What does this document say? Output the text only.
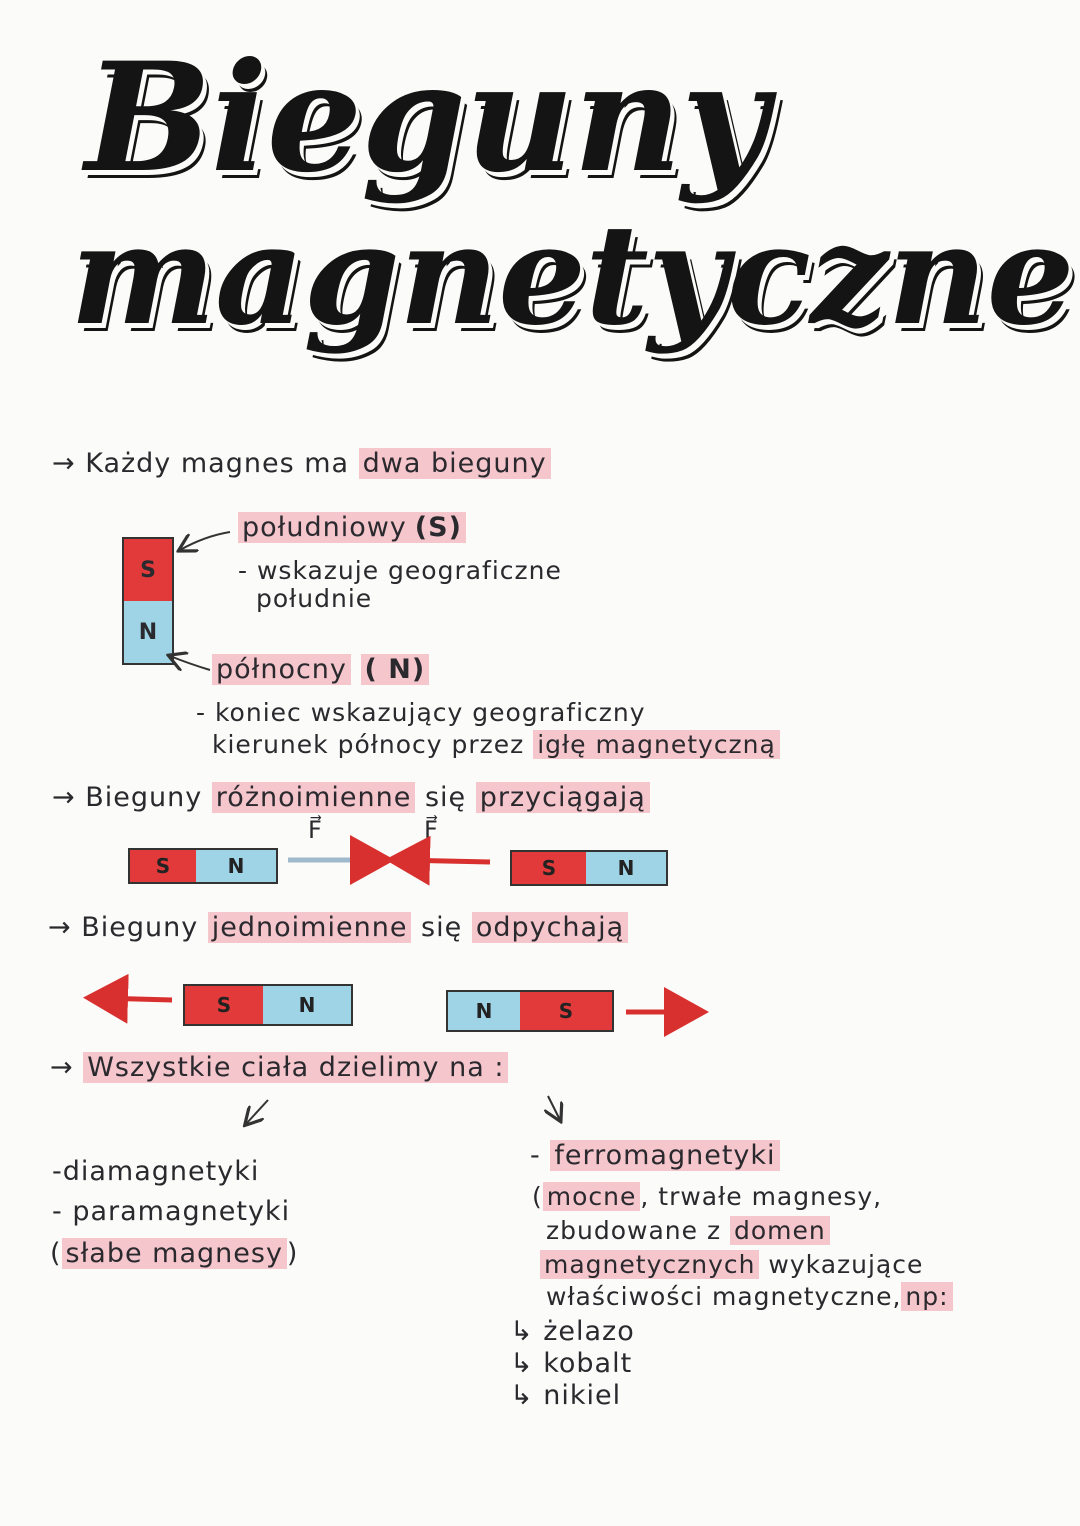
Bieguny
magnetyczne
→ Każdy magnes ma dwa bieguny
S
N
południowy (S)
- wskazuje geograficzne
południe
północny ( N)
- koniec wskazujący geograficzny
kierunek północy przez igłę magnetyczną
→ Bieguny różnoimienne się przyciągają
F⃗	F⃗
S	N	S	N
→ Bieguny jednoimienne się odpychają
S	N	N	S
→ Wszystkie ciała dzielimy na :
-diamagnetyki
- paramagnetyki
( słabe magnesy )
- ferromagnetyki
( mocne , trwałe magnesy,
zbudowane z domen
magnetycznych wykazujące
właściwości magnetyczne, np:
↳ żelazo
↳ kobalt
↳ nikiel
